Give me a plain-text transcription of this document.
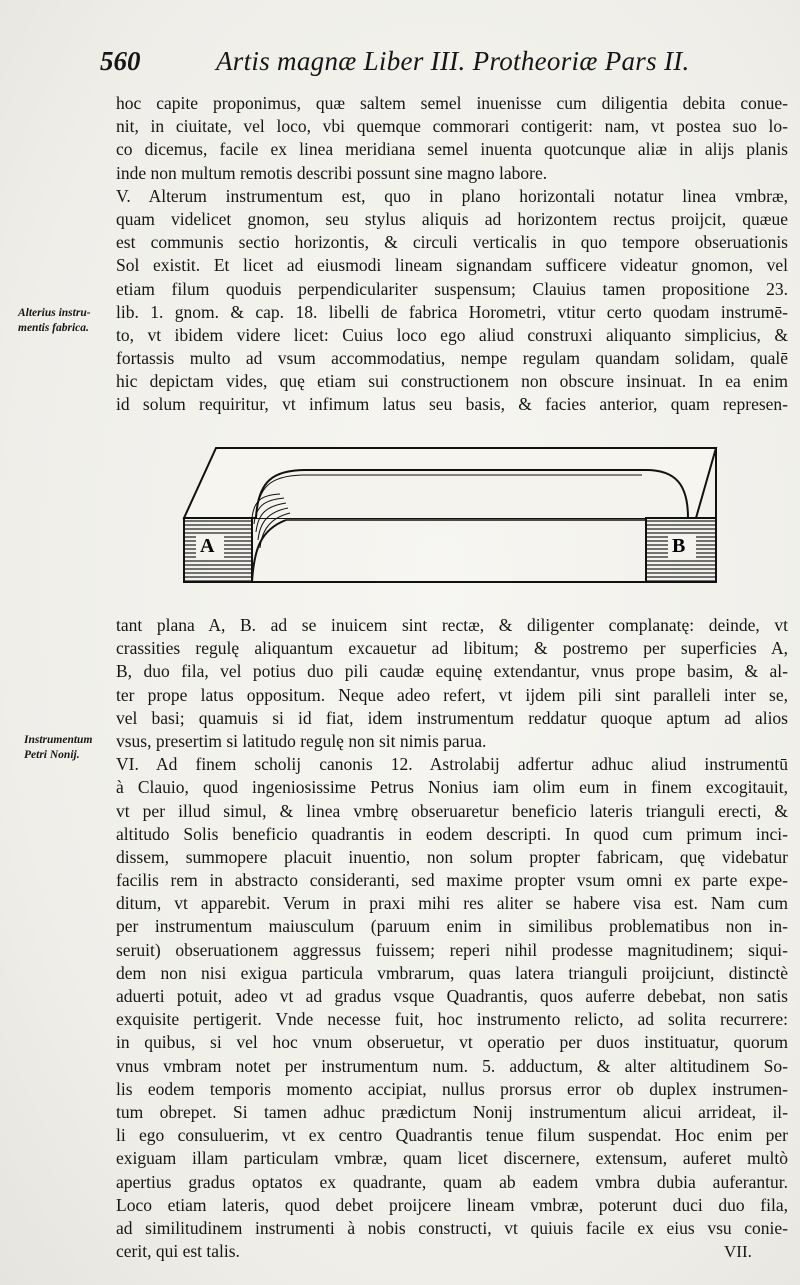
560	Artis magnæ Liber III. Protheoriæ Pars II.
Alterius instru-
mentis fabrica.
Instrumentum
Petri Nonij.
hoc capite proponimus, quæ saltem semel inuenisse cum diligentia debita conue-
nit, in ciuitate, vel loco, vbi quemque commorari contigerit: nam, vt postea suo lo-
co dicemus, facile ex linea meridiana semel inuenta quotcunque aliæ in alijs planis
inde non multum remotis describi possunt sine magno labore.
V. Alterum instrumentum est, quo in plano horizontali notatur linea vmbræ,
quam videlicet gnomon, seu stylus aliquis ad horizontem rectus proijcit, quæue
est communis sectio horizontis, & circuli verticalis in quo tempore obseruationis
Sol existit. Et licet ad eiusmodi lineam signandam sufficere videatur gnomon, vel
etiam filum quoduis perpendiculariter suspensum; Clauius tamen propositione 23.
lib. 1. gnom. & cap. 18. libelli de fabrica Horometri, vtitur certo quodam instrumē-
to, vt ibidem videre licet: Cuius loco ego aliud construxi aliquanto simplicius, &
fortassis multo ad vsum accommodatius, nempe regulam quandam solidam, qualē
hic depictam vides, quę etiam sui constructionem non obscure insinuat. In ea enim
id solum requiritur, vt infimum latus seu basis, & facies anterior, quam represen-
A	B
tant plana A, B. ad se inuicem sint rectæ, & diligenter complanatę: deinde, vt
crassities regulę aliquantum excauetur ad libitum; & postremo per superficies A,
B, duo fila, vel potius duo pili caudæ equinę extendantur, vnus prope basim, & al-
ter prope latus oppositum. Neque adeo refert, vt ijdem pili sint paralleli inter se,
vel basi; quamuis si id fiat, idem instrumentum reddatur quoque aptum ad alios
vsus, presertim si latitudo regulę non sit nimis parua.
VI. Ad finem scholij canonis 12. Astrolabij adfertur adhuc aliud instrumentū
à Clauio, quod ingeniosissime Petrus Nonius iam olim eum in finem excogitauit,
vt per illud simul, & linea vmbrę obseruaretur beneficio lateris trianguli erecti, &
altitudo Solis beneficio quadrantis in eodem descripti. In quod cum primum inci-
dissem, summopere placuit inuentio, non solum propter fabricam, quę videbatur
facilis rem in abstracto consideranti, sed maxime propter vsum omni ex parte expe-
ditum, vt apparebit. Verum in praxi mihi res aliter se habere visa est. Nam cum
per instrumentum maiusculum (paruum enim in similibus problematibus non in-
seruit) obseruationem aggressus fuissem; reperi nihil prodesse magnitudinem; siqui-
dem non nisi exigua particula vmbrarum, quas latera trianguli proijciunt, distinctè
aduerti potuit, adeo vt ad gradus vsque Quadrantis, quos auferre debebat, non satis
exquisite pertigerit. Vnde necesse fuit, hoc instrumento relicto, ad solita recurrere:
in quibus, si vel hoc vnum obseruetur, vt operatio per duos instituatur, quorum
vnus vmbram notet per instrumentum num. 5. adductum, & alter altitudinem So-
lis eodem temporis momento accipiat, nullus prorsus error ob duplex instrumen-
tum obrepet. Si tamen adhuc prædictum Nonij instrumentum alicui arrideat, il-
li ego consuluerim, vt ex centro Quadrantis tenue filum suspendat. Hoc enim per
exiguam illam particulam vmbræ, quam licet discernere, extensum, auferet multò
apertius gradus optatos ex quadrante, quam ab eadem vmbra dubia auferantur.
Loco etiam lateris, quod debet proijcere lineam vmbræ, poterunt duci duo fila,
ad similitudinem instrumenti à nobis constructi, vt quiuis facile ex eius vsu conie-
cerit, qui est talis.	VII.
